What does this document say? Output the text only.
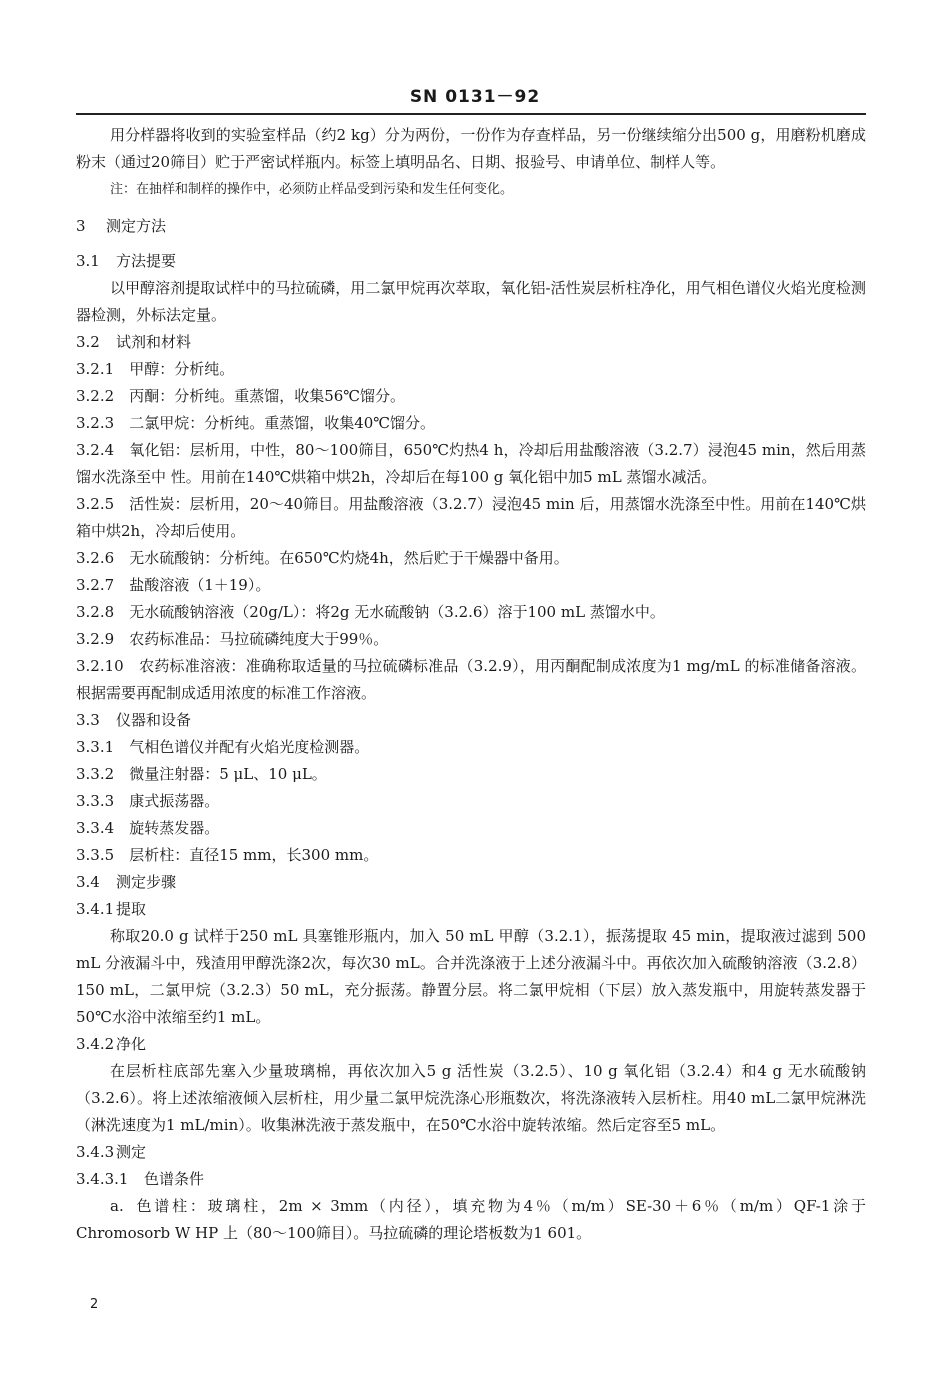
SN 0131－92

用分样器将收到的实验室样品（约2 kg）分为两份，一份作为存查样品，另一份继续缩分出500 g，用磨粉机磨成粉末（通过20筛目）贮于严密试样瓶内。标签上填明品名、日期、报验号、申请单位、制样人等。

注：在抽样和制样的操作中，必须防止样品受到污染和发生任何变化。

3	测定方法
3.1	方法提要

以甲醇溶剂提取试样中的马拉硫磷，用二氯甲烷再次萃取，氧化铝-活性炭层析柱净化，用气相色谱仪火焰光度检测器检测，外标法定量。

3.2	试剂和材料
3.2.1　 甲醇：分析纯。
3.2.2　 丙酮：分析纯。重蒸馏，收集56℃馏分。
3.2.3　 二氯甲烷：分析纯。重蒸馏，收集40℃馏分。
3.2.4　 氧化铝：层析用，中性，80～100筛目，650℃灼热4 h，冷却后用盐酸溶液（3.2.7）浸泡45 min，然后用蒸馏水洗涤至中 性。用前在140℃烘箱中烘2h，冷却后在每100 g 氧化铝中加5 mL 蒸馏水减活。
3.2.5　 活性炭：层析用，20～40筛目。用盐酸溶液（3.2.7）浸泡45 min 后，用蒸馏水洗涤至中性。用前在140℃烘箱中烘2h，冷却后使用。
3.2.6　 无水硫酸钠：分析纯。在650℃灼烧4h，然后贮于干燥器中备用。
3.2.7　 盐酸溶液（1＋19）。
3.2.8　 无水硫酸钠溶液（20g/L）：将2g 无水硫酸钠（3.2.6）溶于100 mL 蒸馏水中。
3.2.9　 农药标准品：马拉硫磷纯度大于99％。
3.2.10　 农药标准溶液：准确称取适量的马拉硫磷标准品（3.2.9），用丙酮配制成浓度为1 mg/mL 的标准储备溶液。根据需要再配制成适用浓度的标准工作溶液。
3.3	仪器和设备
3.3.1　 气相色谱仪并配有火焰光度检测器。
3.3.2　 微量注射器：5 μL、10 μL。
3.3.3　 康式振荡器。
3.3.4　 旋转蒸发器。
3.3.5　 层析柱：直径15 mm，长300 mm。
3.4	测定步骤
3.4.1 提取

称取20.0 g 试样于250 mL 具塞锥形瓶内，加入 50 mL 甲醇（3.2.1），振荡提取 45 min，提取液过滤到 500 mL 分液漏斗中，残渣用甲醇洗涤2次，每次30 mL。合并洗涤液于上述分液漏斗中。再依次加入硫酸钠溶液（3.2.8）150 mL，二氯甲烷（3.2.3）50 mL，充分振荡。静置分层。将二氯甲烷相（下层）放入蒸发瓶中，用旋转蒸发器于50℃水浴中浓缩至约1 mL。

3.4.2 净化

在层析柱底部先塞入少量玻璃棉，再依次加入5 g 活性炭（3.2.5）、10 g 氧化铝（3.2.4）和4 g 无水硫酸钠（3.2.6）。将上述浓缩液倾入层析柱，用少量二氯甲烷洗涤心形瓶数次，将洗涤液转入层析柱。用40 mL二氯甲烷淋洗（淋洗速度为1 mL/min）。收集淋洗液于蒸发瓶中，在50℃水浴中旋转浓缩。然后定容至5 mL。

3.4.3 测定
3.4.3.1	色谱条件

a. 色谱柱：玻璃柱，2m × 3mm（内径），填充物为4％（m/m）SE-30＋6％（m/m）QF-1涂于 Chromosorb W HP 上（80～100筛目）。马拉硫磷的理论塔板数为1 601。

2
